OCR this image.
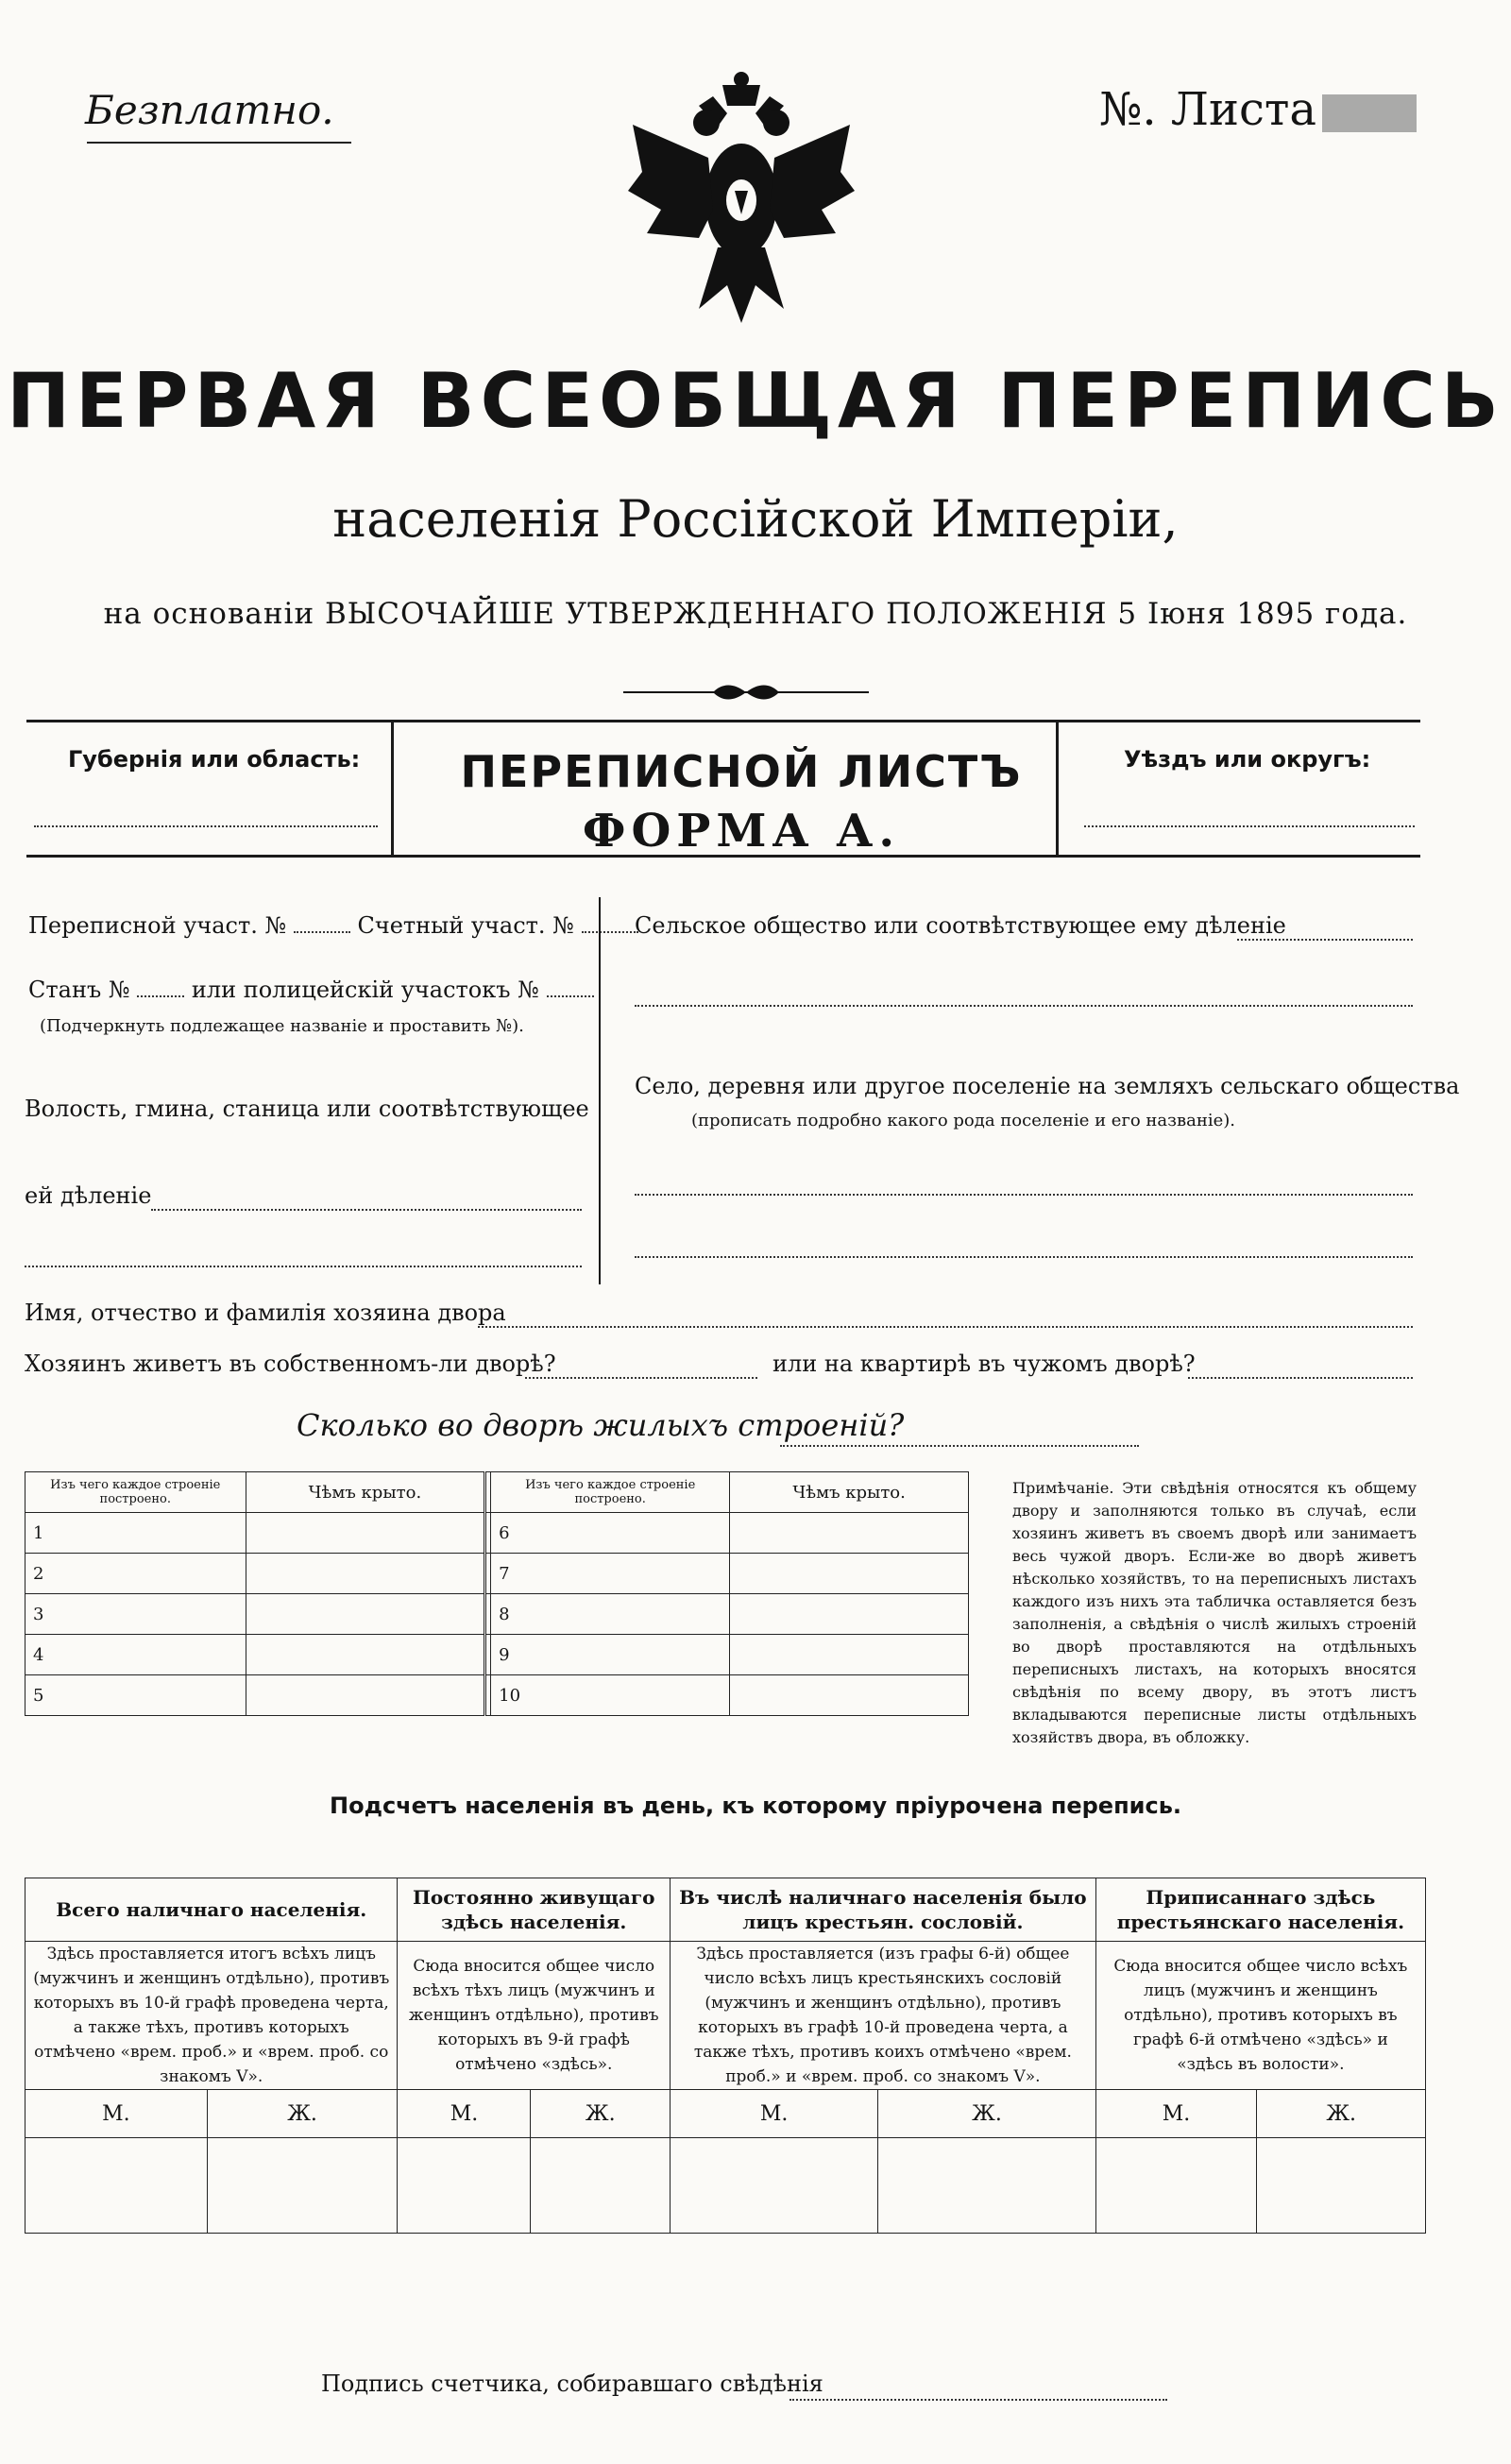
Безплатно.	№. Листа
ПЕРВАЯ ВСЕОБЩАЯ ПЕРЕПИСЬ
населенія Россійской Имперіи,
на основаніи ВЫСОЧАЙШЕ УТВЕРЖДЕННАГО ПОЛОЖЕНІЯ 5 Іюня 1895 года.
Губернія или область:	ПЕРЕПИСНОЙ ЛИСТЪ
ФОРМА А.
Уѣздъ или округъ:
Переписной участ. №	Счетный участ. №
Станъ №	или полицейскій участокъ №
(Подчеркнуть подлежащее названіе и проставить №).
Волость, гмина, станица или соотвѣтствующее
ей дѣленіе
Сельское общество или соотвѣтствующее ему дѣленіе
Село, деревня или другое поселеніе на земляхъ сельскаго общества
(прописать подробно какого рода поселеніе и его названіе).
Имя, отчество и фамилія хозяина двора
Хозяинъ живетъ въ собственномъ-ли дворѣ?	или на квартирѣ въ чужомъ дворѣ?
Сколько во дворѣ жилыхъ строеній?
Изъ чего каждое строеніе построено.	Чѣмъ крыто.		Изъ чего каждое строеніе построено.	Чѣмъ крыто.
1			6	
2			7	
3			8	
4			9	
5			10	
Примѣчаніе. Эти свѣдѣнія относятся къ общему двору и заполняются только въ случаѣ, если хозяинъ живетъ въ своемъ дворѣ или занимаетъ весь чужой дворъ. Если-же во дворѣ живетъ нѣсколько хозяйствъ, то на переписныхъ листахъ каждого изъ нихъ эта табличка оставляется безъ заполненія, а свѣдѣнія о числѣ жилыхъ строеній во дворѣ проставляются на отдѣльныхъ переписныхъ листахъ, на которыхъ вносятся свѣдѣнія по всему двору, въ этотъ листъ вкладываются переписные листы отдѣльныхъ хозяйствъ двора, въ обложку.
Подсчетъ населенія въ день, къ которому пріурочена перепись.
Всего наличнаго населенія.		Постоянно живущаго здѣсь населенія.		Въ числѣ наличнаго населенія было лицъ крестьян. сословій.		Приписаннаго здѣсь престьянскаго населенія.	
Здѣсь проставляется итогъ всѣхъ лицъ (мужчинъ и женщинъ отдѣльно), противъ которыхъ въ 10-й графѣ проведена черта, а также тѣхъ, противъ которыхъ отмѣчено «врем. проб.» и «врем. проб. со знакомъ V».		Сюда вносится общее число всѣхъ тѣхъ лицъ (мужчинъ и женщинъ отдѣльно), противъ которыхъ въ 9-й графѣ отмѣчено «здѣсь».		Здѣсь проставляется (изъ графы 6-й) общее число всѣхъ лицъ крестьянскихъ сословій (мужчинъ и женщинъ отдѣльно), противъ которыхъ въ графѣ 10-й проведена черта, а также тѣхъ, противъ коихъ отмѣчено «врем. проб.» и «врем. проб. со знакомъ V».		Сюда вносится общее число всѣхъ лицъ (мужчинъ и женщинъ отдѣльно), противъ которыхъ въ графѣ 6-й отмѣчено «здѣсь» и «здѣсь въ волости».	
М.	Ж.	М.	Ж.	М.	Ж.	М.	Ж.

Подпись счетчика, собиравшаго свѣдѣнія
